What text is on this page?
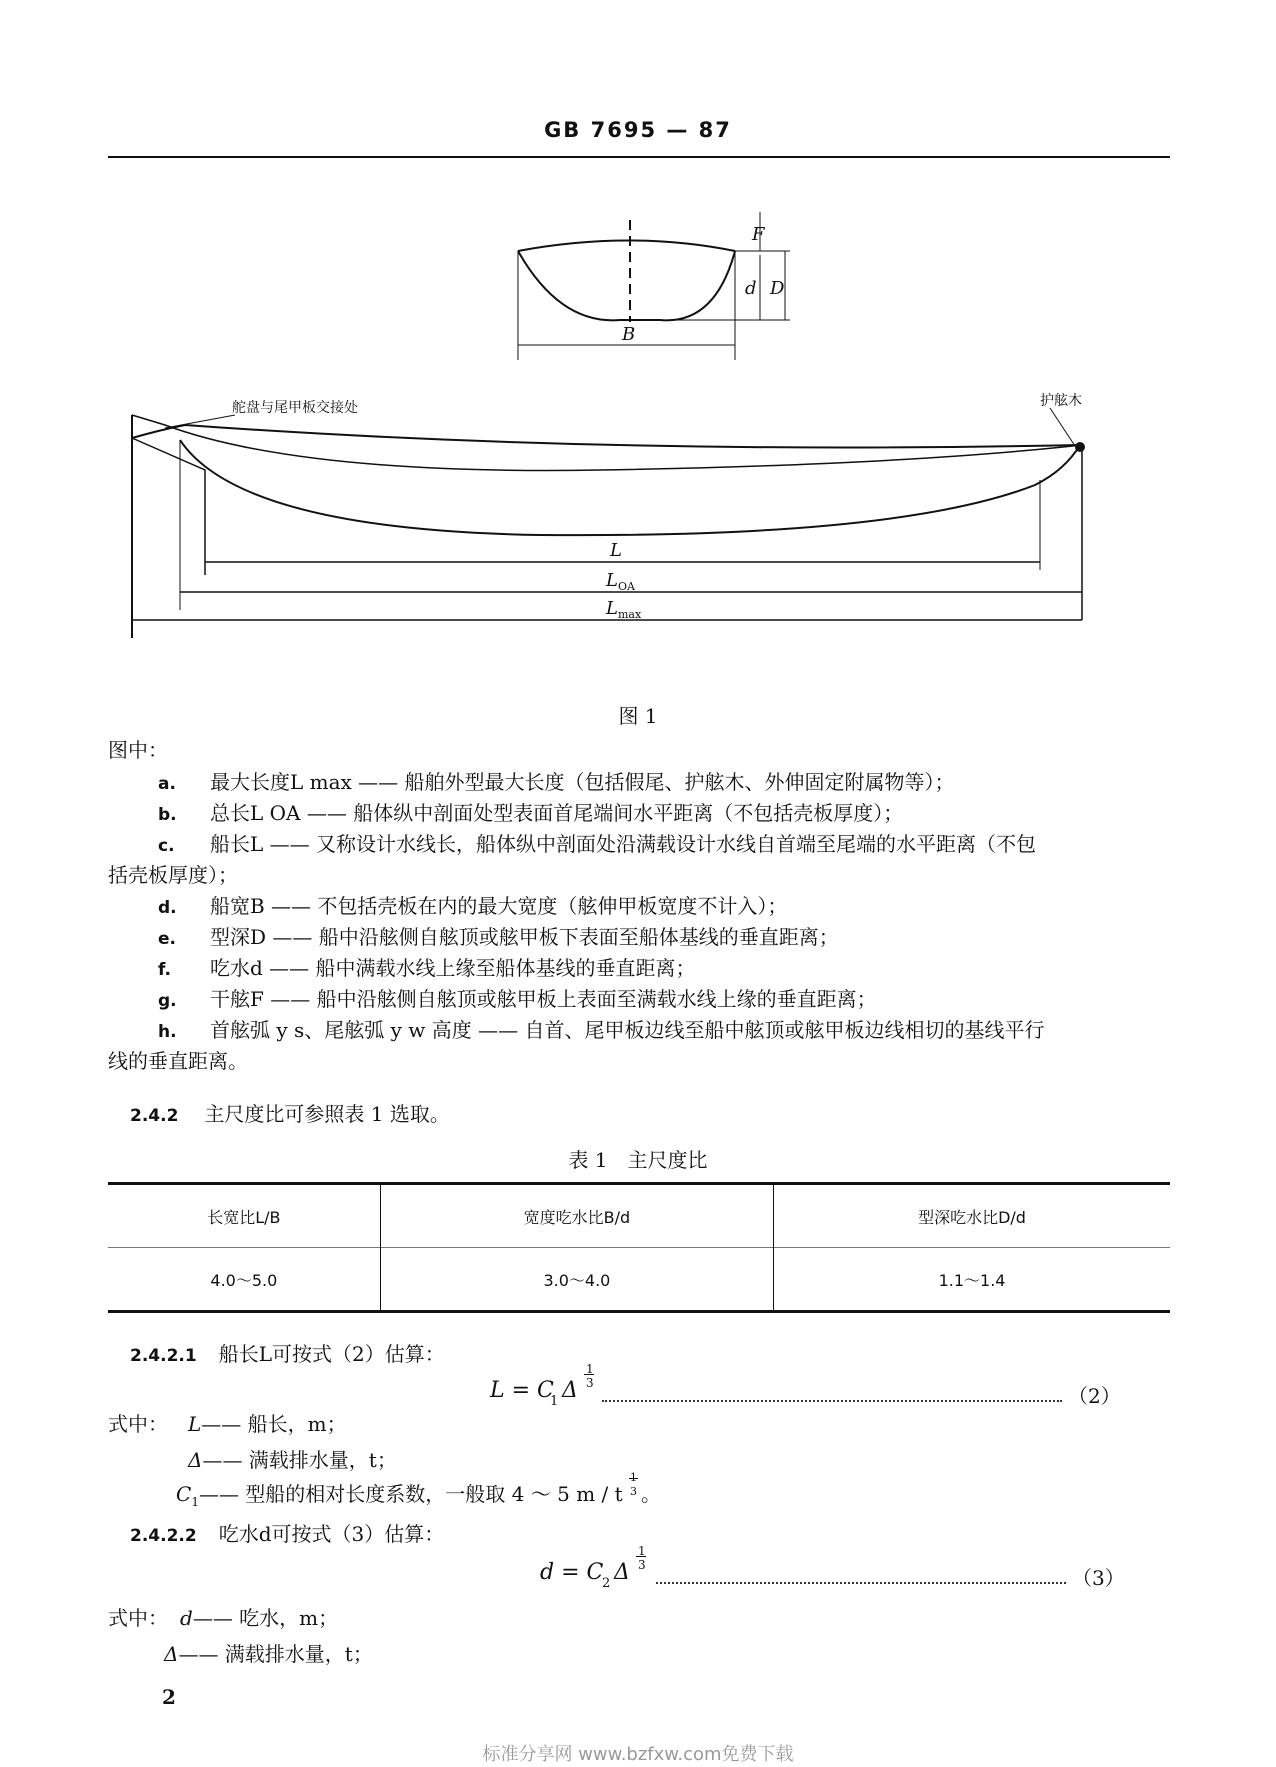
GB 7695 — 87
F
d D
B
L
L OA
L max
舵盘与尾甲板交接处	护舷木
图 1
图中：
a. 最大长度L max —— 船舶外型最大长度（包括假尾、护舷木、外伸固定附属物等）；
b. 总长L OA —— 船体纵中剖面处型表面首尾端间水平距离（不包括壳板厚度）；
c. 船长L —— 又称设计水线长，船体纵中剖面处沿满载设计水线自首端至尾端的水平距离（不包
括壳板厚度）；
d. 船宽B —— 不包括壳板在内的最大宽度（舷伸甲板宽度不计入）；
e. 型深D —— 船中沿舷侧自舷顶或舷甲板下表面至船体基线的垂直距离；
f. 吃水d —— 船中满载水线上缘至船体基线的垂直距离；
g. 干舷F —— 船中沿舷侧自舷顶或舷甲板上表面至满载水线上缘的垂直距离；
h. 首舷弧 y s、尾舷弧 y w 高度 —— 自首、尾甲板边线至船中舷顶或舷甲板边线相切的基线平行
线的垂直距离。
2.4.2 主尺度比可参照表 1 选取。
表 1　主尺度比
长宽比L/B	宽度吃水比B/d	型深吃水比D/d
4.0～5.0	3.0～4.0	1.1～1.4
2.4.2.1 船长L可按式（2）估算：
L = C
1 Δ
1
3
（2）
式中： L—— 船长，m；
Δ—— 满载排水量，t；
$C_1——$ 型船的相对长度系数，一般取 4 ～ 5 m / t
1
3 。
2.4.2.2 吃水d可按式（3）估算：
d = C
2 Δ
1
3
（3）
式中： d—— 吃水，m；
Δ—— 满载排水量，t；
2
标准分享网 www.bzfxw.com免费下载
